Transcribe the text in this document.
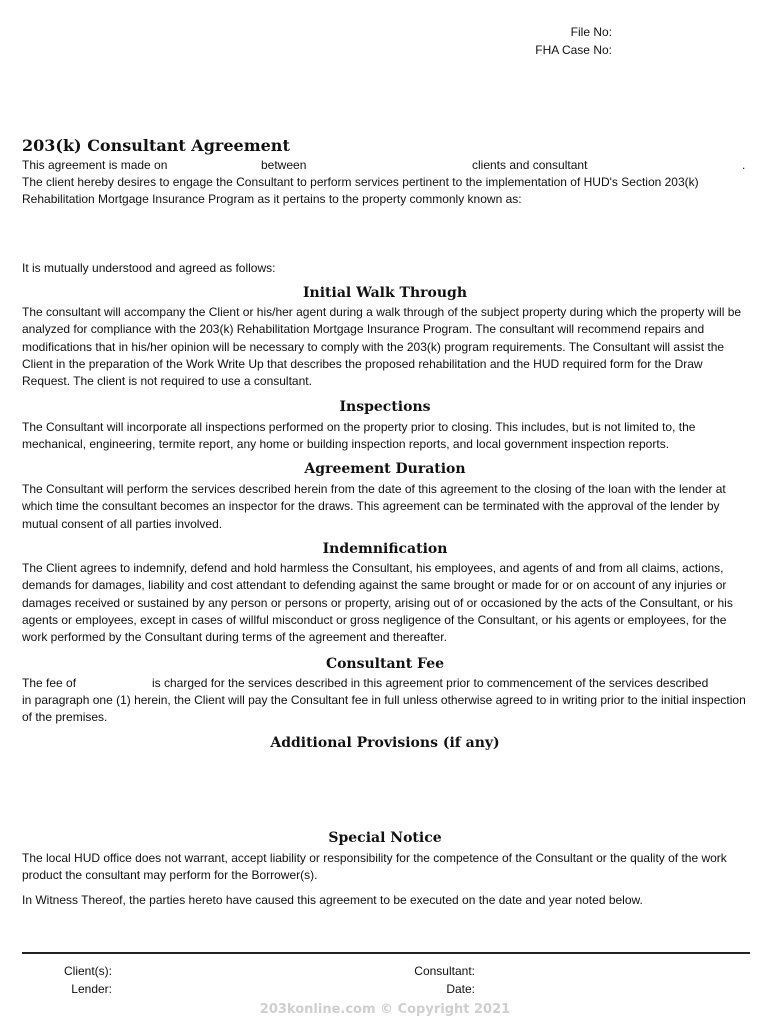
File No:
FHA Case No:
203(k) Consultant Agreement
This agreement is made on	between	clients and consultant	.
The client hereby desires to engage the Consultant to perform services pertinent to the implementation of HUD's Section 203(k)
Rehabilitation Mortgage Insurance Program as it pertains to the property commonly known as:
It is mutually understood and agreed as follows:
Initial Walk Through
The consultant will accompany the Client or his/her agent during a walk through of the subject property during which the property will be analyzed for compliance with the 203(k) Rehabilitation Mortgage Insurance Program. The consultant will recommend repairs and modifications that in his/her opinion will be necessary to comply with the 203(k) program requirements. The Consultant will assist the Client in the preparation of the Work Write Up that describes the proposed rehabilitation and the HUD required form for the Draw Request. The client is not required to use a consultant.
Inspections
The Consultant will incorporate all inspections performed on the property prior to closing. This includes, but is not limited to, the mechanical, engineering, termite report, any home or building inspection reports, and local government inspection reports.
Agreement Duration
The Consultant will perform the services described herein from the date of this agreement to the closing of the loan with the lender at which time the consultant becomes an inspector for the draws. This agreement can be terminated with the approval of the lender by mutual consent of all parties involved.
Indemnification
The Client agrees to indemnify, defend and hold harmless the Consultant, his employees, and agents of and from all claims, actions, demands for damages, liability and cost attendant to defending against the same brought or made for or on account of any injuries or damages received or sustained by any person or persons or property, arising out of or occasioned by the acts of the Consultant, or his agents or employees, except in cases of willful misconduct or gross negligence of the Consultant, or his agents or employees, for the work performed by the Consultant during terms of the agreement and thereafter.
Consultant Fee
The fee of	is charged for the services described in this agreement prior to commencement of the services described
in paragraph one (1) herein, the Client will pay the Consultant fee in full unless otherwise agreed to in writing prior to the initial inspection of the premises.
Additional Provisions (if any)
Special Notice
The local HUD office does not warrant, accept liability or responsibility for the competence of the Consultant or the quality of the work product the consultant may perform for the Borrower(s).
In Witness Thereof, the parties hereto have caused this agreement to be executed on the date and year noted below.
Client(s):
Lender:
Consultant:
Date:
203konline.com © Copyright 2021
